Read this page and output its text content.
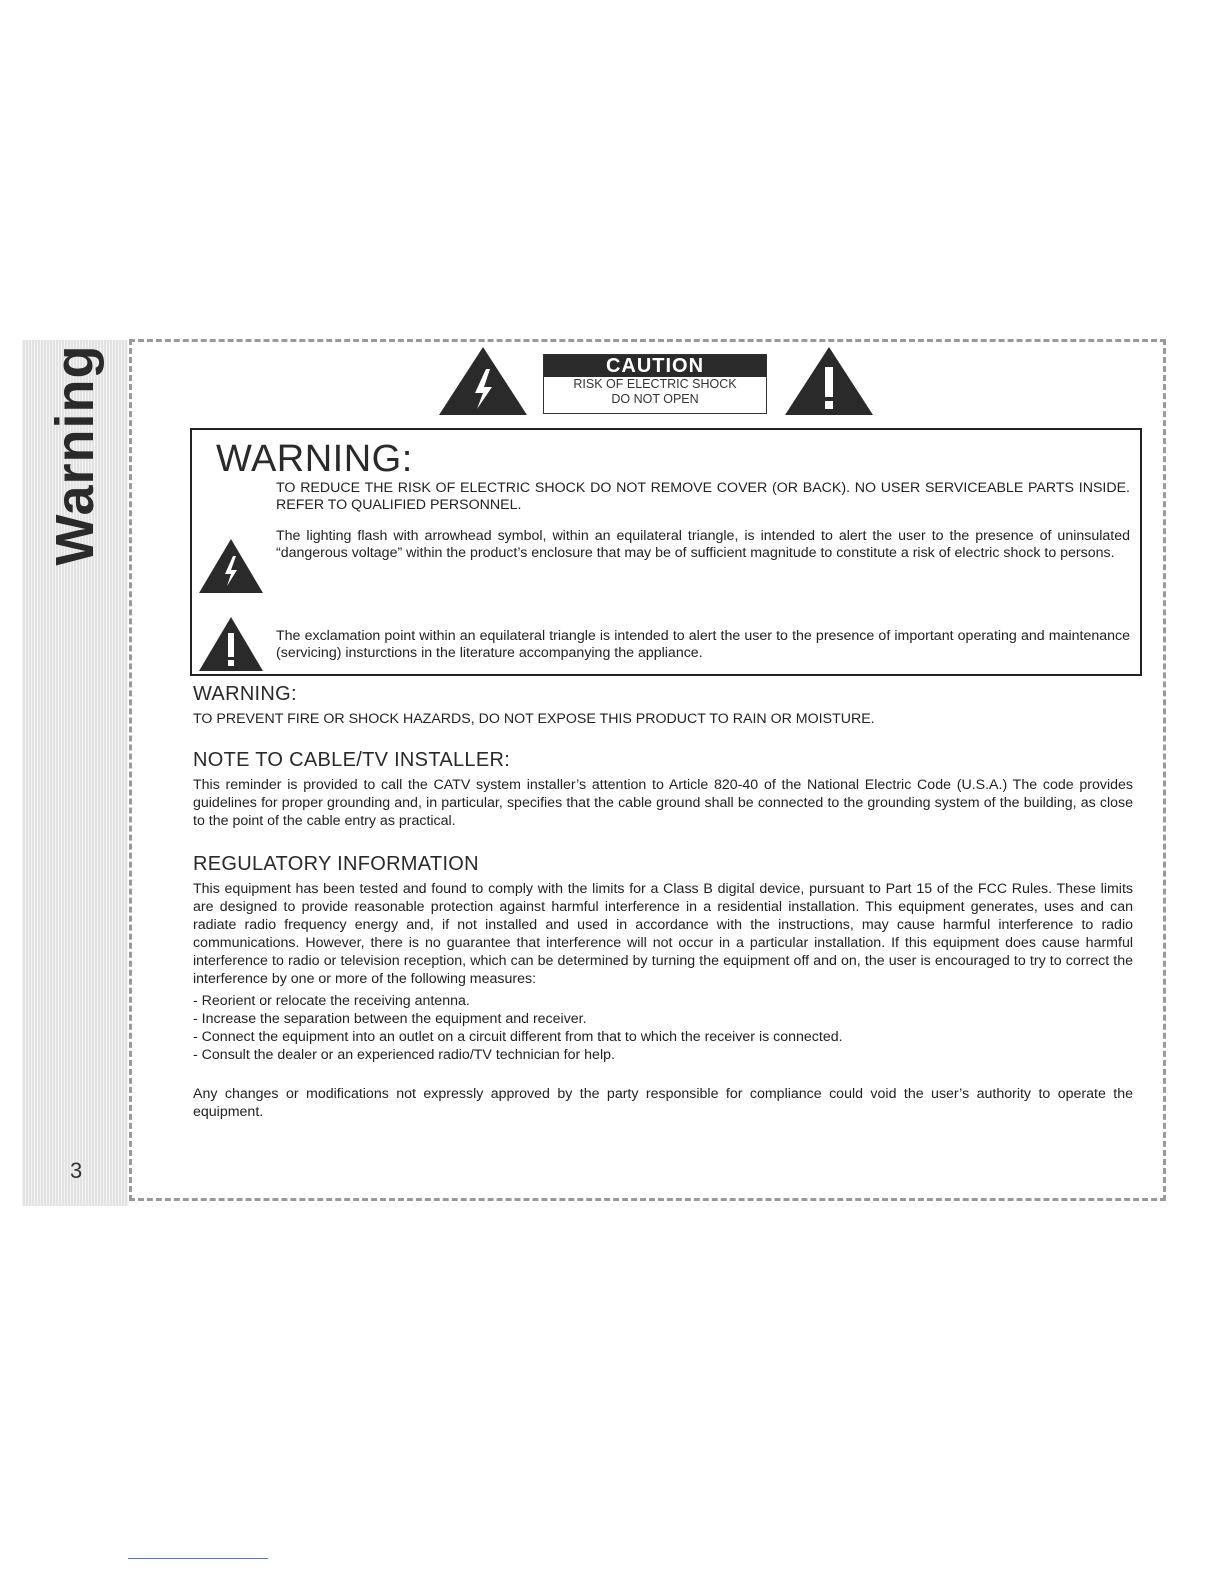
Warning
3
CAUTION
RISK OF ELECTRIC SHOCK
DO NOT OPEN
WARNING:
TO REDUCE THE RISK OF ELECTRIC SHOCK DO NOT REMOVE COVER (OR BACK). NO USER SERVICEABLE PARTS INSIDE. REFER TO QUALIFIED PERSONNEL.
The lighting flash with arrowhead symbol, within an equilateral triangle, is intended to alert the user to the presence of uninsulated “dangerous voltage” within the product’s enclosure that may be of sufficient magnitude to constitute a risk of electric shock to persons.
The exclamation point within an equilateral triangle is intended to alert the user to the presence of important operating and maintenance (servicing) insturctions in the literature accompanying the appliance.
WARNING:
TO PREVENT FIRE OR SHOCK HAZARDS, DO NOT EXPOSE THIS PRODUCT TO RAIN OR MOISTURE.
NOTE TO CABLE/TV INSTALLER:
This reminder is provided to call the CATV system installer’s attention to Article 820-40 of the National Electric Code (U.S.A.) The code provides guidelines for proper grounding and, in particular, specifies that the cable ground shall be connected to the grounding system of the building, as close to the point of the cable entry as practical.
REGULATORY INFORMATION
This equipment has been tested and found to comply with the limits for a Class B digital device, pursuant to Part 15 of the FCC Rules. These limits are designed to provide reasonable protection against harmful interference in a residential installation. This equipment generates, uses and can radiate radio frequency energy and, if not installed and used in accordance with the instructions, may cause harmful interference to radio communications. However, there is no guarantee that interference will not occur in a particular installation. If this equipment does cause harmful interference to radio or television reception, which can be determined by turning the equipment off and on, the user is encouraged to try to correct the interference by one or more of the following measures:
- Reorient or relocate the receiving antenna.
- Increase the separation between the equipment and receiver.
- Connect the equipment into an outlet on a circuit different from that to which the receiver is connected.
- Consult the dealer or an experienced radio/TV technician for help.
Any changes or modifications not expressly approved by the party responsible for compliance could void the user’s authority to operate the equipment.
